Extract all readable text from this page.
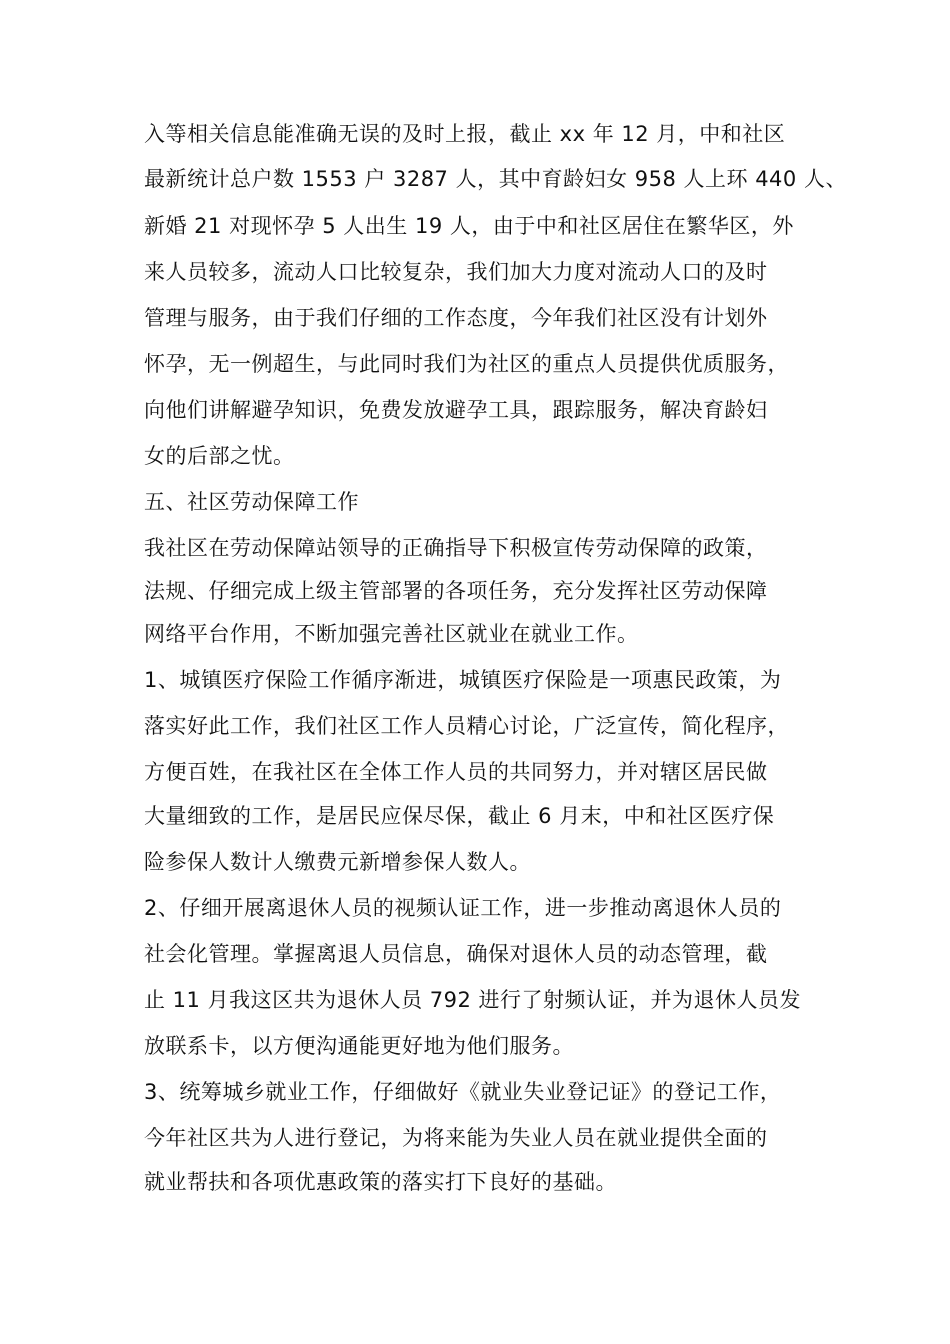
入等相关信息能准确无误的及时上报，截止 xx 年 12 月，中和社区

最新统计总户数 1553 户 3287 人，其中育龄妇女 958 人上环 440 人、

新婚 21 对现怀孕 5 人出生 19 人，由于中和社区居住在繁华区，外

来人员较多，流动人口比较复杂，我们加大力度对流动人口的及时

管理与服务，由于我们仔细的工作态度，今年我们社区没有计划外

怀孕，无一例超生，与此同时我们为社区的重点人员提供优质服务，

向他们讲解避孕知识，免费发放避孕工具，跟踪服务，解决育龄妇

女的后部之忧。

五、社区劳动保障工作

我社区在劳动保障站领导的正确指导下积极宣传劳动保障的政策，

法规、仔细完成上级主管部署的各项任务，充分发挥社区劳动保障

网络平台作用，不断加强完善社区就业在就业工作。

1、城镇医疗保险工作循序渐进，城镇医疗保险是一项惠民政策，为

落实好此工作，我们社区工作人员精心讨论，广泛宣传，简化程序，

方便百姓，在我社区在全体工作人员的共同努力，并对辖区居民做

大量细致的工作，是居民应保尽保，截止 6 月末，中和社区医疗保

险参保人数计人缴费元新增参保人数人。

2、仔细开展离退休人员的视频认证工作，进一步推动离退休人员的

社会化管理。掌握离退人员信息，确保对退休人员的动态管理，截

止 11 月我这区共为退休人员 792 进行了射频认证，并为退休人员发

放联系卡，以方便沟通能更好地为他们服务。

3、统筹城乡就业工作，仔细做好《就业失业登记证》的登记工作，

今年社区共为人进行登记，为将来能为失业人员在就业提供全面的

就业帮扶和各项优惠政策的落实打下良好的基础。
